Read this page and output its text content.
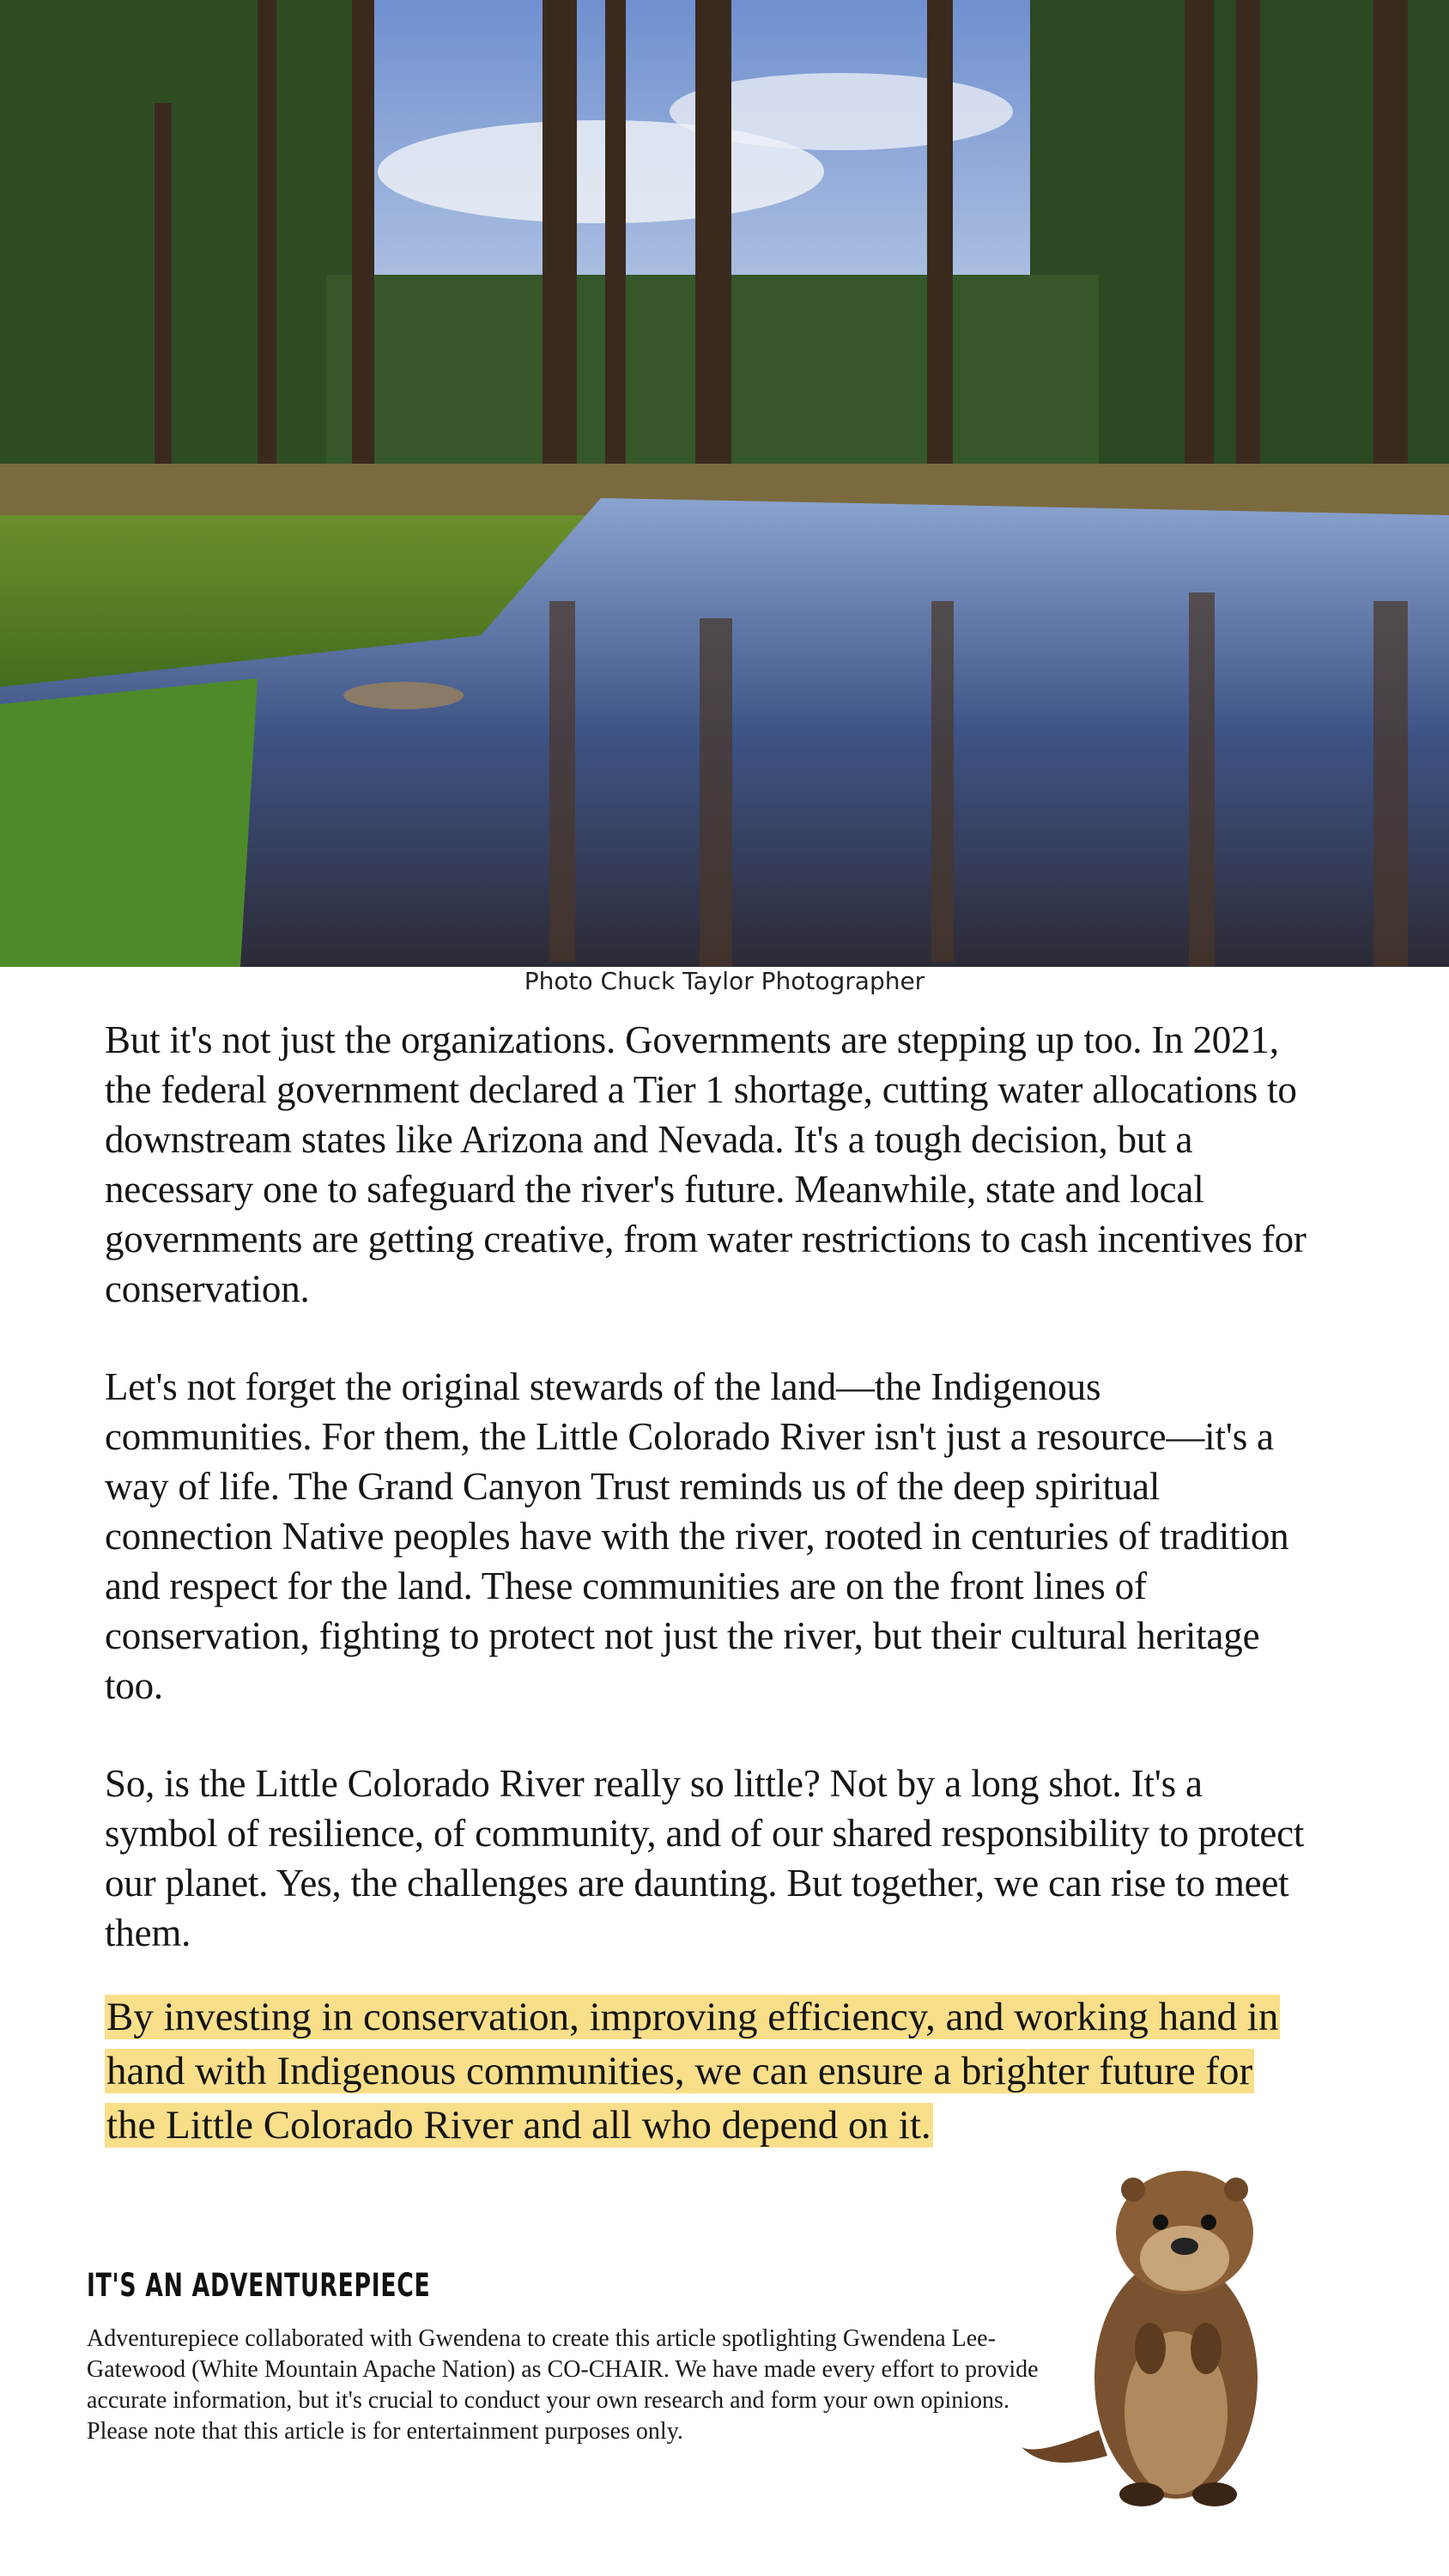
Photo Chuck Taylor Photographer

But it's not just the organizations. Governments are stepping up too. In 2021, the federal government declared a Tier 1 shortage, cutting water allocations to downstream states like Arizona and Nevada. It's a tough decision, but a necessary one to safeguard the river's future. Meanwhile, state and local governments are getting creative, from water restrictions to cash incentives for conservation.

Let's not forget the original stewards of the land—the Indigenous communities. For them, the Little Colorado River isn't just a resource—it's a way of life. The Grand Canyon Trust reminds us of the deep spiritual connection Native peoples have with the river, rooted in centuries of tradition and respect for the land. These communities are on the front lines of conservation, fighting to protect not just the river, but their cultural heritage too.

So, is the Little Colorado River really so little? Not by a long shot. It's a symbol of resilience, of community, and of our shared responsibility to protect our planet. Yes, the challenges are daunting. But together, we can rise to meet them.

By investing in conservation, improving efficiency, and working hand in hand with Indigenous communities, we can ensure a brighter future for the Little Colorado River and all who depend on it.

IT'S AN ADVENTUREPIECE
Adventurepiece collaborated with Gwendena to create this article spotlighting Gwendena Lee-Gatewood (White Mountain Apache Nation) as CO-CHAIR. We have made every effort to provide accurate information, but it's crucial to conduct your own research and form your own opinions. Please note that this article is for entertainment purposes only.
